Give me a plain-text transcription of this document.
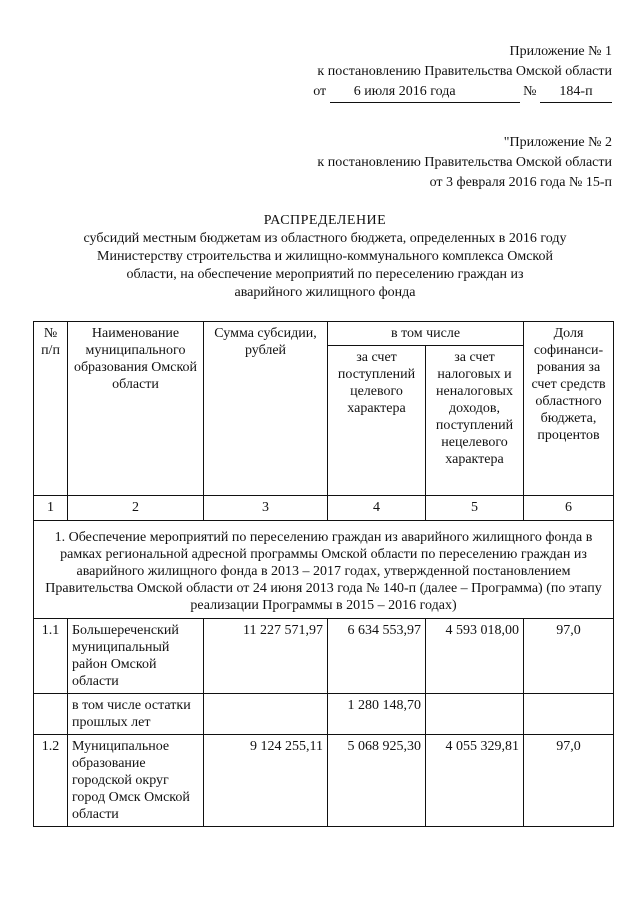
Приложение № 1
к постановлению Правительства Омской области
от 6 июля 2016 года	№ 184-п
"Приложение № 2
к постановлению Правительства Омской области
от 3 февраля 2016 года № 15-п
РАСПРЕДЕЛЕНИЕ
субсидий местным бюджетам из областного бюджета, определенных в 2016 году
Министерству строительства и жилищно-коммунального комплекса Омской
области, на обеспечение мероприятий по переселению граждан из
аварийного жилищного фонда
№ п/п	Наименование муниципального образования Омской области	Сумма субсидии, рублей	в том числе		Доля софинанси-рования за счет средств областного бюджета, процентов
			за счет поступлений целевого характера	за счет налоговых и неналоговых доходов, поступлений нецелевого характера	
1	2	3	4	5	6
1. Обеспечение мероприятий по переселению граждан из аварийного жилищного фонда в рамках региональной адресной программы Омской области по переселению граждан из аварийного жилищного фонда в 2013 – 2017 годах, утвержденной постановлением Правительства Омской области от 24 июня 2013 года № 140-п (далее – Программа) (по этапу реализации Программы в 2015 – 2016 годах)					
1.1	Большереченский муниципальный район Омской области	11 227 571,97	6 634 553,97	4 593 018,00	97,0
	в том числе остатки прошлых лет		1 280 148,70		
1.2	Муниципальное образование городской округ город Омск Омской области	9 124 255,11	5 068 925,30	4 055 329,81	97,0
